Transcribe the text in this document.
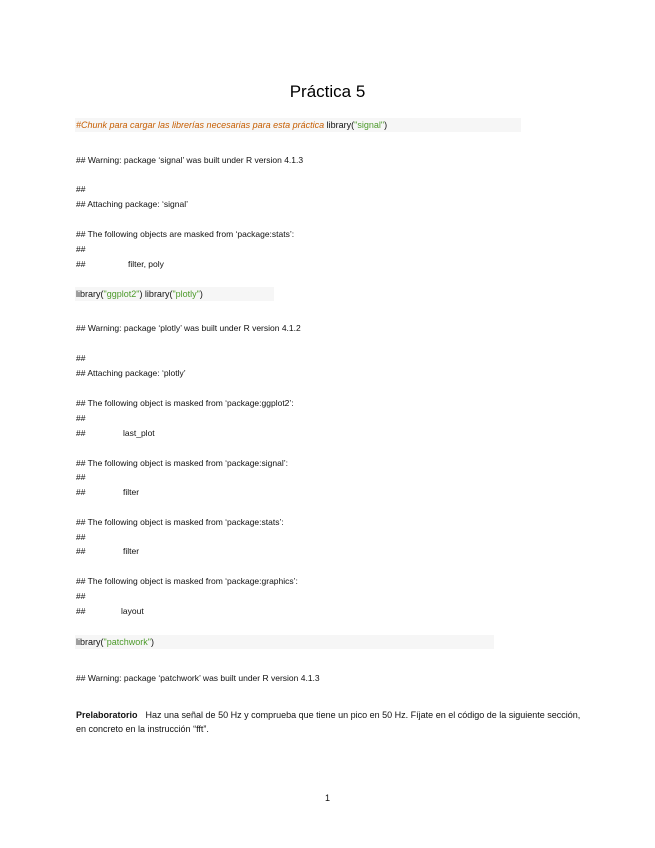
Práctica 5
#Chunk para cargar las librerías necesarias para esta práctica library("signal")
## Warning: package ‘signal’ was built under R version 4.1.3
##
## Attaching package: ‘signal’
## The following objects are masked from ‘package:stats’:
##
##	filter, poly
library("ggplot2") library("plotly")
## Warning: package ‘plotly’ was built under R version 4.1.2
##
## Attaching package: ‘plotly’
## The following object is masked from ‘package:ggplot2’:
##
##	last_plot
## The following object is masked from ‘package:signal’:
##
##	filter
## The following object is masked from ‘package:stats’:
##
##	filter
## The following object is masked from ‘package:graphics’:
##
##	layout
library("patchwork")
## Warning: package ‘patchwork’ was built under R version 4.1.3
Prelaboratorio Haz una señal de 50 Hz y comprueba que tiene un pico en 50 Hz. Fíjate en el código de la siguiente sección, en concreto en la instrucción “fft”.
1
